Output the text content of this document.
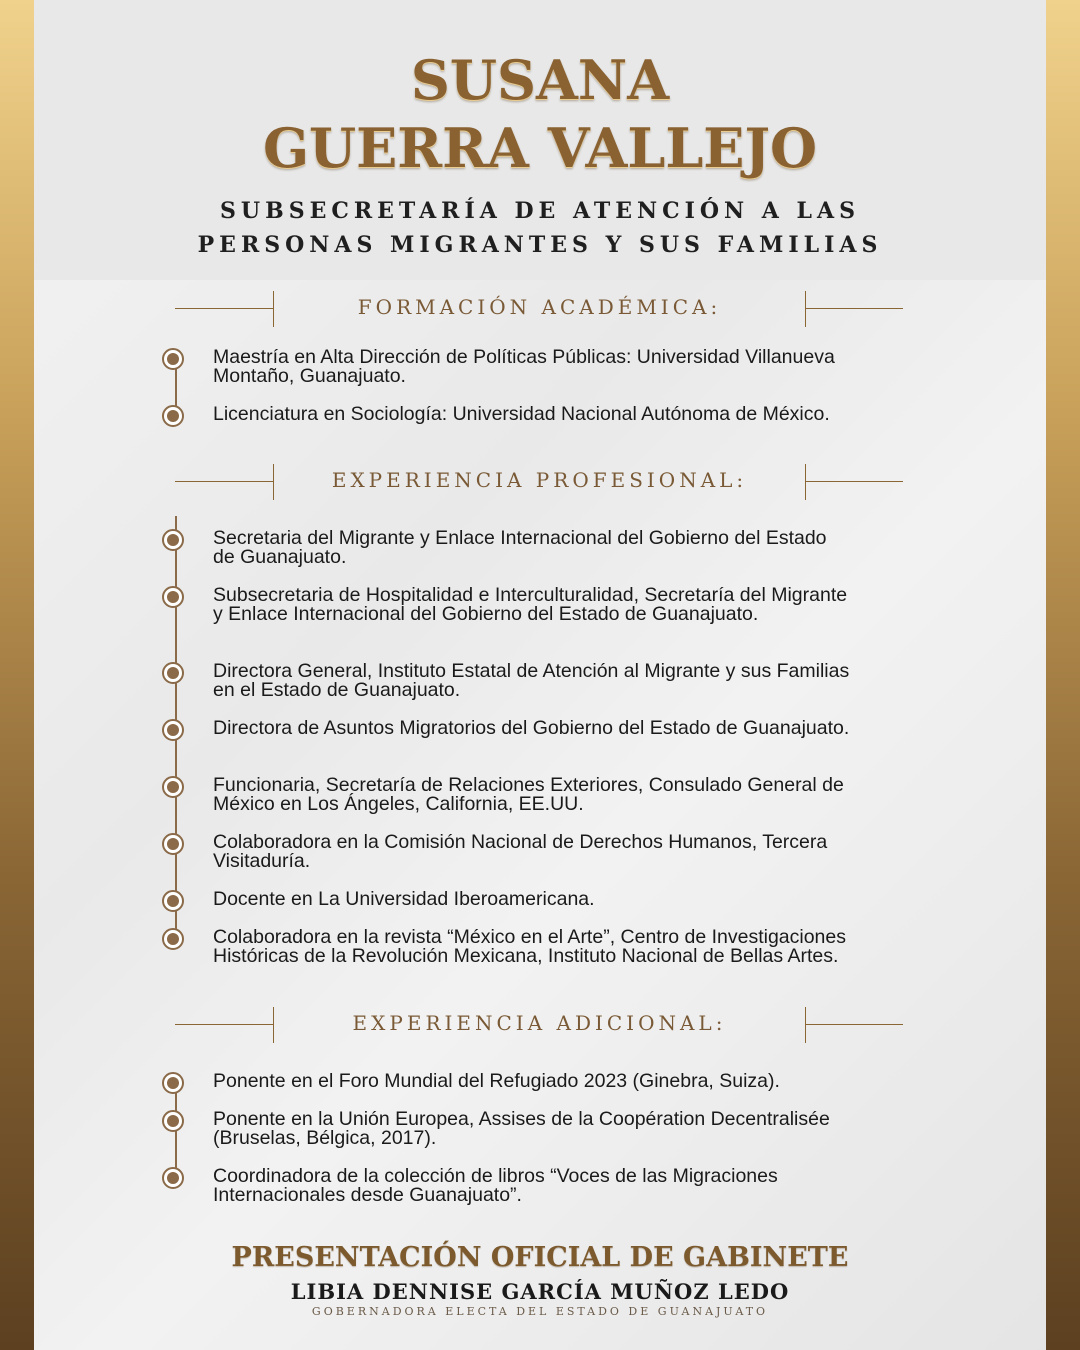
SUSANA
GUERRA VALLEJO
SUBSECRETARÍA DE ATENCIÓN A LAS
PERSONAS MIGRANTES Y SUS FAMILIAS
FORMACIÓN ACADÉMICA:
Maestría en Alta Dirección de Políticas Públicas: Universidad Villanueva Montaño, Guanajuato.
Licenciatura en Sociología: Universidad Nacional Autónoma de México.
EXPERIENCIA PROFESIONAL:
Secretaria del Migrante y Enlace Internacional del Gobierno del Estado de Guanajuato.
Subsecretaria de Hospitalidad e Interculturalidad, Secretaría del Migrante y Enlace Internacional del Gobierno del Estado de Guanajuato.
Directora General, Instituto Estatal de Atención al Migrante y sus Familias en el Estado de Guanajuato.
Directora de Asuntos Migratorios del Gobierno del Estado de Guanajuato.
Funcionaria, Secretaría de Relaciones Exteriores, Consulado General de México en Los Ángeles, California, EE.UU.
Colaboradora en la Comisión Nacional de Derechos Humanos, Tercera Visitaduría.
Docente en La Universidad Iberoamericana.
Colaboradora en la revista “México en el Arte”, Centro de Investigaciones Históricas de la Revolución Mexicana, Instituto Nacional de Bellas Artes.
EXPERIENCIA ADICIONAL:
Ponente en el Foro Mundial del Refugiado 2023 (Ginebra, Suiza).
Ponente en la Unión Europea, Assises de la Coopération Decentralisée (Bruselas, Bélgica, 2017).
Coordinadora de la colección de libros “Voces de las Migraciones Internacionales desde Guanajuato”.
PRESENTACIÓN OFICIAL DE GABINETE
LIBIA DENNISE GARCÍA MUÑOZ LEDO
GOBERNADORA ELECTA DEL ESTADO DE GUANAJUATO
